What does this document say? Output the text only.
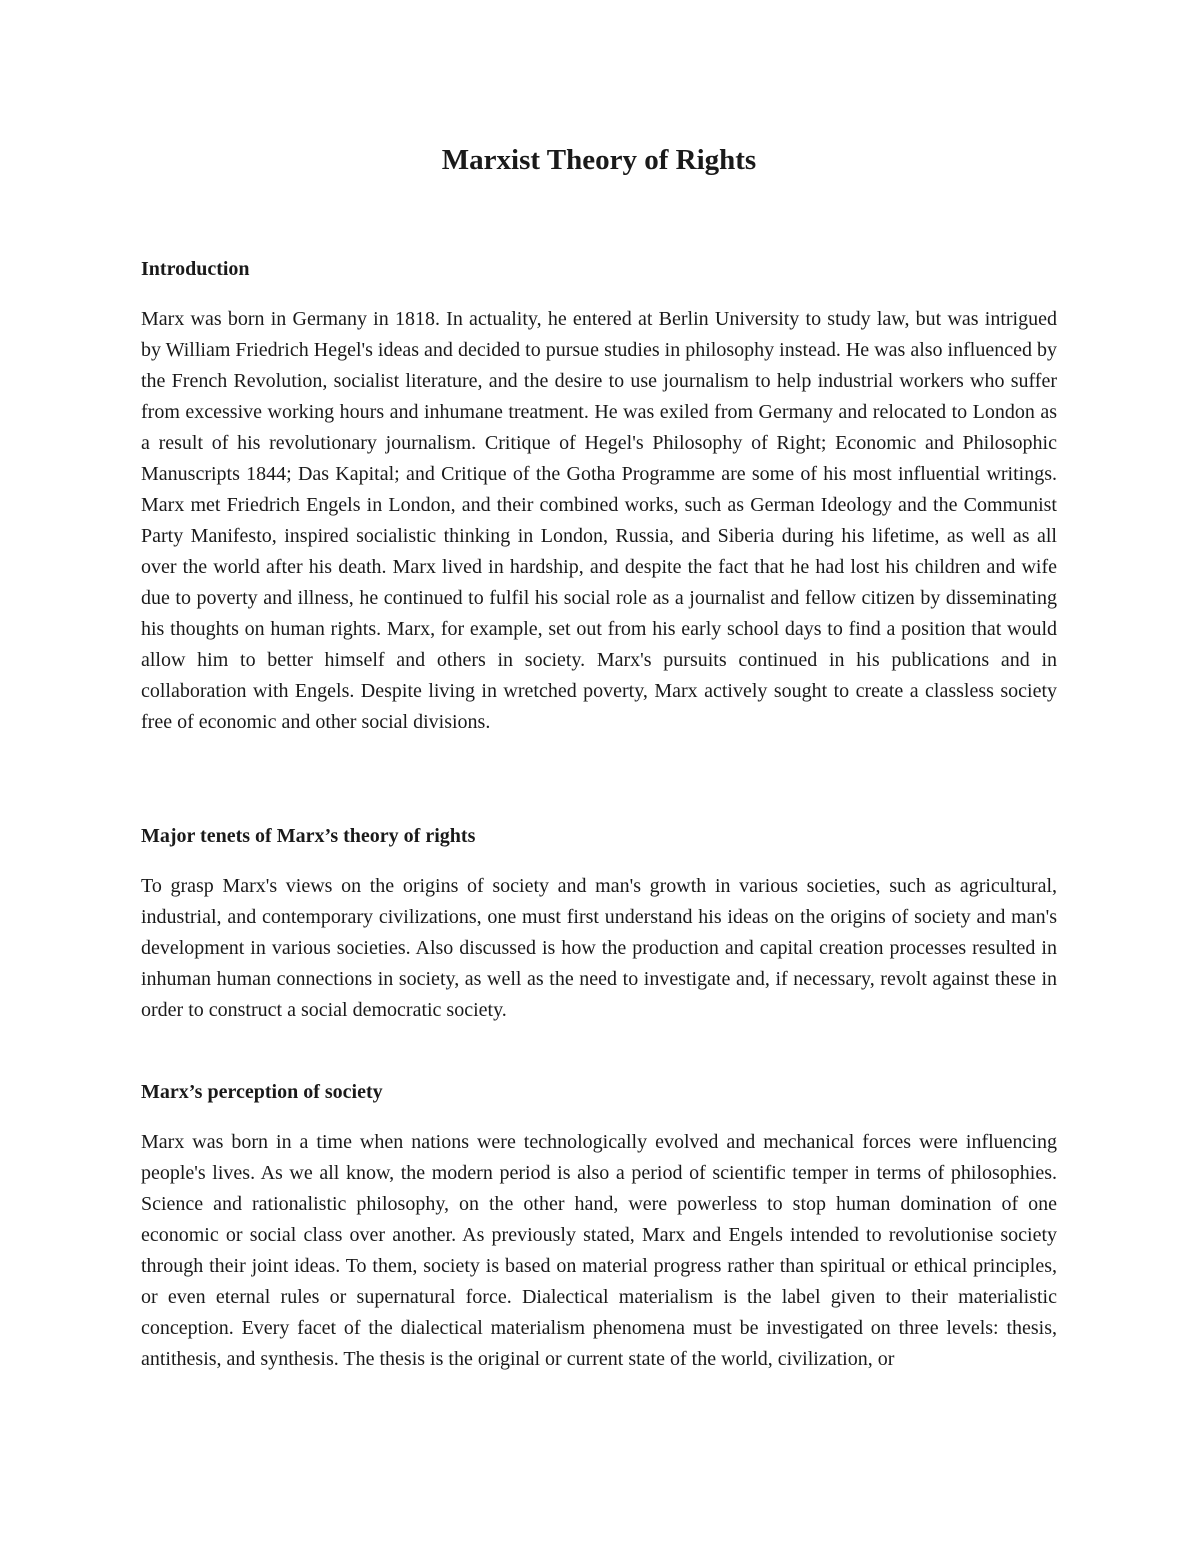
Marxist Theory of Rights
Introduction

Marx was born in Germany in 1818. In actuality, he entered at Berlin University to study law, but was intrigued by William Friedrich Hegel's ideas and decided to pursue studies in philosophy instead. He was also influenced by the French Revolution, socialist literature, and the desire to use journalism to help industrial workers who suffer from excessive working hours and inhumane treatment. He was exiled from Germany and relocated to London as a result of his revolutionary journalism. Critique of Hegel's Philosophy of Right; Economic and Philosophic Manuscripts 1844; Das Kapital; and Critique of the Gotha Programme are some of his most influential writings. Marx met Friedrich Engels in London, and their combined works, such as German Ideology and the Communist Party Manifesto, inspired socialistic thinking in London, Russia, and Siberia during his lifetime, as well as all over the world after his death. Marx lived in hardship, and despite the fact that he had lost his children and wife due to poverty and illness, he continued to fulfil his social role as a journalist and fellow citizen by disseminating his thoughts on human rights. Marx, for example, set out from his early school days to find a position that would allow him to better himself and others in society. Marx's pursuits continued in his publications and in collaboration with Engels. Despite living in wretched poverty, Marx actively sought to create a classless society free of economic and other social divisions.

Major tenets of Marx’s theory of rights

To grasp Marx's views on the origins of society and man's growth in various societies, such as agricultural, industrial, and contemporary civilizations, one must first understand his ideas on the origins of society and man's development in various societies. Also discussed is how the production and capital creation processes resulted in inhuman human connections in society, as well as the need to investigate and, if necessary, revolt against these in order to construct a social democratic society.

Marx’s perception of society

Marx was born in a time when nations were technologically evolved and mechanical forces were influencing people's lives. As we all know, the modern period is also a period of scientific temper in terms of philosophies. Science and rationalistic philosophy, on the other hand, were powerless to stop human domination of one economic or social class over another. As previously stated, Marx and Engels intended to revolutionise society through their joint ideas. To them, society is based on material progress rather than spiritual or ethical principles, or even eternal rules or supernatural force. Dialectical materialism is the label given to their materialistic conception. Every facet of the dialectical materialism phenomena must be investigated on three levels: thesis, antithesis, and synthesis. The thesis is the original or current state of the world, civilization, or
